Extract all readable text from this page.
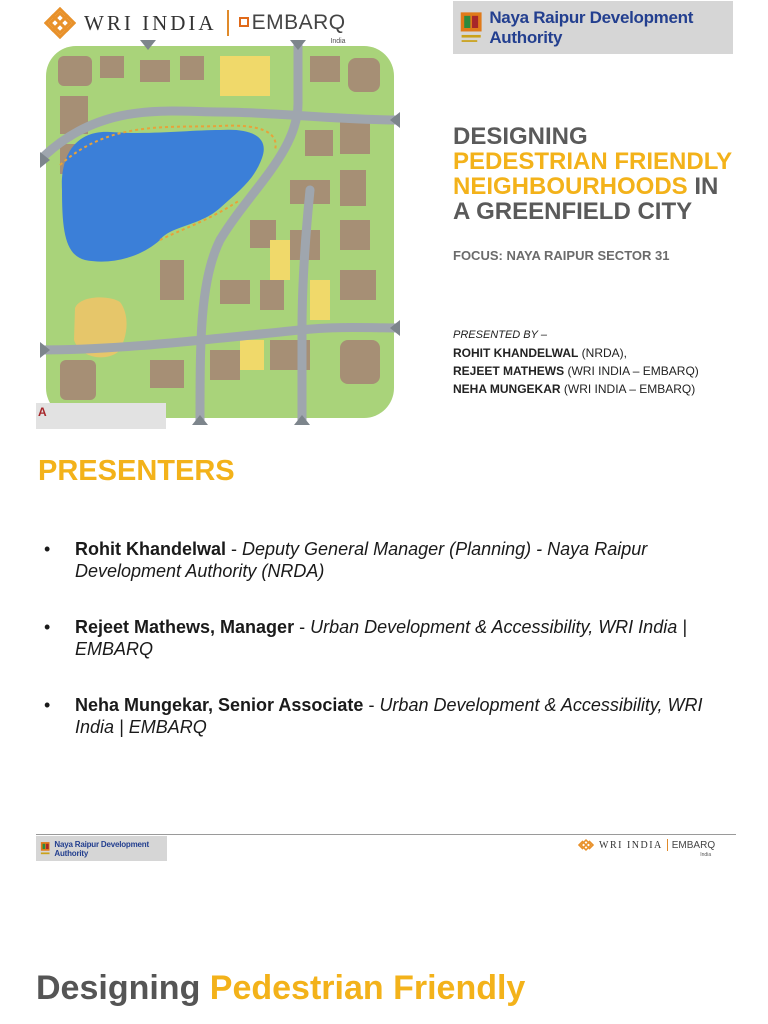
WRI INDIA	EMBARQ
India
Naya Raipur Development Authority
A
DESIGNING
PEDESTRIAN FRIENDLY
NEIGHBOURHOODS IN
A GREENFIELD CITY
FOCUS: NAYA RAIPUR SECTOR 31
PRESENTED BY –
ROHIT KHANDELWAL (NRDA),
REJEET MATHEWS (WRI INDIA – EMBARQ)
NEHA MUNGEKAR (WRI INDIA – EMBARQ)
PRESENTERS
• Rohit Khandelwal - Deputy General Manager (Planning) - Naya Raipur Development Authority (NRDA)
• Rejeet Mathews, Manager - Urban Development & Accessibility, WRI India | EMBARQ
• Neha Mungekar, Senior Associate - Urban Development & Accessibility, WRI India | EMBARQ
Naya Raipur Development Authority
WRI INDIA EMBARQ
India
Designing Pedestrian Friendly
